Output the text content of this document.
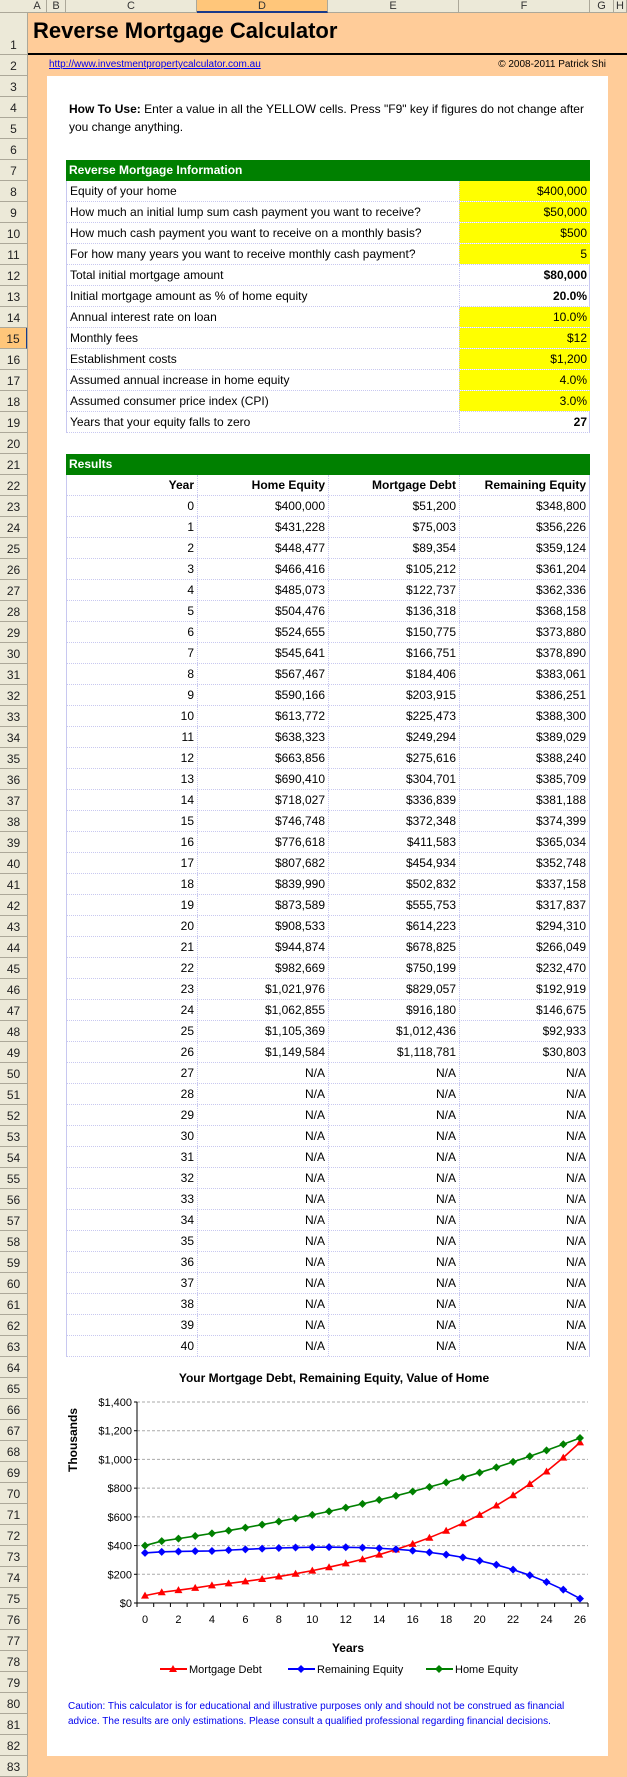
A	B	C	D	E	F	G H
1
2
3
4
5
6
7
8
9
10
11
12
13
14
15
16
17
18
19
20
21
22
23
24
25
26
27
28
29
30
31
32
33
34
35
36
37
38
39
40
41
42
43
44
45
46
47
48
49
50
51
52
53
54
55
56
57
58
59
60
61
62
63
64
65
66
67
68
69
70
71
72
73
74
75
76
77
78
79
80
81
82
83
Reverse Mortgage Calculator
http://www.investmentpropertycalculator.com.au	© 2008-2011 Patrick Shi
How To Use: Enter a value in all the YELLOW cells. Press "F9" key if figures do not change after you change anything.
Reverse Mortgage Information
Equity of your home	$400,000
How much an initial lump sum cash payment you want to receive?	$50,000
How much cash payment you want to receive on a monthly basis?	$500
For how many years you want to receive monthly cash payment?	5
Total initial mortgage amount	$80,000
Initial mortgage amount as % of home equity	20.0%
Annual interest rate on loan	10.0%
Monthly fees	$12
Establishment costs	$1,200
Assumed annual increase in home equity	4.0%
Assumed consumer price index (CPI)	3.0%
Years that your equity falls to zero	27
Results
Year	Home Equity	Mortgage Debt	Remaining Equity
0	$400,000	$51,200	$348,800
1	$431,228	$75,003	$356,226
2	$448,477	$89,354	$359,124
3	$466,416	$105,212	$361,204
4	$485,073	$122,737	$362,336
5	$504,476	$136,318	$368,158
6	$524,655	$150,775	$373,880
7	$545,641	$166,751	$378,890
8	$567,467	$184,406	$383,061
9	$590,166	$203,915	$386,251
10	$613,772	$225,473	$388,300
11	$638,323	$249,294	$389,029
12	$663,856	$275,616	$388,240
13	$690,410	$304,701	$385,709
14	$718,027	$336,839	$381,188
15	$746,748	$372,348	$374,399
16	$776,618	$411,583	$365,034
17	$807,682	$454,934	$352,748
18	$839,990	$502,832	$337,158
19	$873,589	$555,753	$317,837
20	$908,533	$614,223	$294,310
21	$944,874	$678,825	$266,049
22	$982,669	$750,199	$232,470
23	$1,021,976	$829,057	$192,919
24	$1,062,855	$916,180	$146,675
25	$1,105,369	$1,012,436	$92,933
26	$1,149,584	$1,118,781	$30,803
27	N/A	N/A	N/A
28	N/A	N/A	N/A
29	N/A	N/A	N/A
30	N/A	N/A	N/A
31	N/A	N/A	N/A
32	N/A	N/A	N/A
33	N/A	N/A	N/A
34	N/A	N/A	N/A
35	N/A	N/A	N/A
36	N/A	N/A	N/A
37	N/A	N/A	N/A
38	N/A	N/A	N/A
39	N/A	N/A	N/A
40	N/A	N/A	N/A
Your Mortgage Debt, Remaining Equity, Value of Home
$0
$200
$400
$600
$800
$1,000
$1,200
$1,400
0 2 4 6 8 10 12 14 16 18 20 22 24 26
Years
Thousands
Mortgage Debt	Remaining Equity	Home Equity
Caution: This calculator is for educational and illustrative purposes only and should not be construed as financial advice. The results are only estimations. Please consult a qualified professional regarding financial decisions.
